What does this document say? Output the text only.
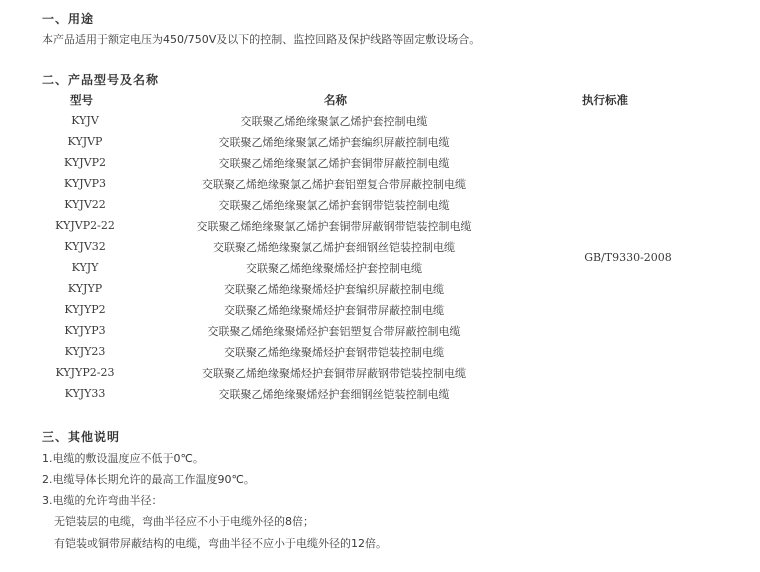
一、用途
本产品适用于额定电压为450/750V及以下的控制、监控回路及保护线路等固定敷设场合。
二、产品型号及名称
型号	名称	执行标准
KYJV	交联聚乙烯绝缘聚氯乙烯护套控制电缆	GB/T9330-2008
KYJVP	交联聚乙烯绝缘聚氯乙烯护套编织屏蔽控制电缆	
KYJVP2	交联聚乙烯绝缘聚氯乙烯护套铜带屏蔽控制电缆	
KYJVP3	交联聚乙烯绝缘聚氯乙烯护套铝塑复合带屏蔽控制电缆	
KYJV22	交联聚乙烯绝缘聚氯乙烯护套钢带铠装控制电缆	
KYJVP2-22	交联聚乙烯绝缘聚氯乙烯护套铜带屏蔽钢带铠装控制电缆	
KYJV32	交联聚乙烯绝缘聚氯乙烯护套细钢丝铠装控制电缆	
KYJY	交联聚乙烯绝缘聚烯烃护套控制电缆	
KYJYP	交联聚乙烯绝缘聚烯烃护套编织屏蔽控制电缆	
KYJYP2	交联聚乙烯绝缘聚烯烃护套铜带屏蔽控制电缆	
KYJYP3	交联聚乙烯绝缘聚烯烃护套铝塑复合带屏蔽控制电缆	
KYJY23	交联聚乙烯绝缘聚烯烃护套钢带铠装控制电缆	
KYJYP2-23	交联聚乙烯绝缘聚烯烃护套铜带屏蔽钢带铠装控制电缆	
KYJY33	交联聚乙烯绝缘聚烯烃护套细钢丝铠装控制电缆	
三、其他说明
1.电缆的敷设温度应不低于0℃。
2.电缆导体长期允许的最高工作温度90℃。
3.电缆的允许弯曲半径：
无铠装层的电缆，弯曲半径应不小于电缆外径的8倍；
有铠装或铜带屏蔽结构的电缆，弯曲半径不应小于电缆外径的12倍。
